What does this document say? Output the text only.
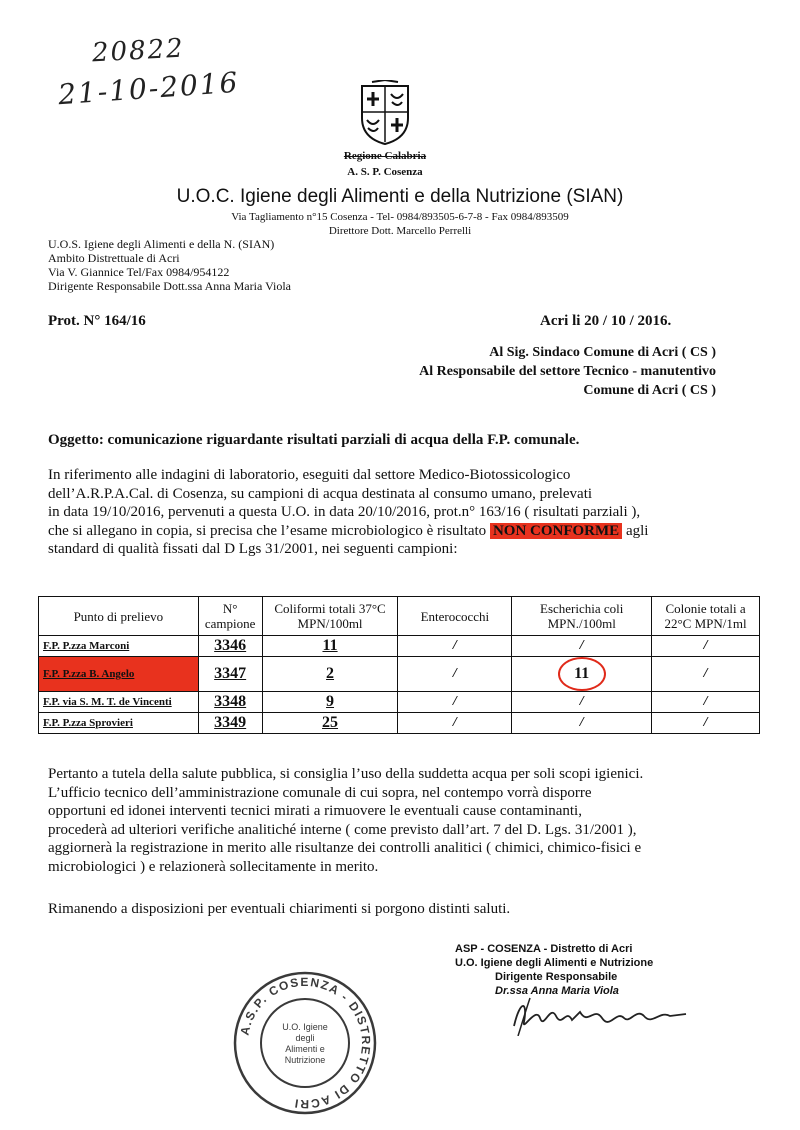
20822
21-10-2016
Regione Calabria
A. S. P. Cosenza
U.O.C. Igiene degli Alimenti e della Nutrizione (SIAN)
Via Tagliamento n°15 Cosenza - Tel- 0984/893505-6-7-8 - Fax 0984/893509
Direttore Dott. Marcello Perrelli
U.O.S. Igiene degli Alimenti e della N. (SIAN)
Ambito Distrettuale di Acri
Via V. Giannice Tel/Fax 0984/954122
Dirigente Responsabile Dott.ssa Anna Maria Viola
Prot. N° 164/16	Acri li 20 / 10 / 2016.
Al Sig. Sindaco Comune di Acri ( CS )
Al Responsabile del settore Tecnico - manutentivo
Comune di Acri ( CS )
Oggetto: comunicazione riguardante risultati parziali di acqua della F.P. comunale.
In riferimento alle indagini di laboratorio, eseguiti dal settore Medico-Biotossicologico
dell’A.R.P.A.Cal. di Cosenza, su campioni di acqua destinata al consumo umano, prelevati
in data 19/10/2016, pervenuti a questa U.O. in data 20/10/2016, prot.n° 163/16 ( risultati parziali ),
che si allegano in copia, si precisa che l’esame microbiologico è risultato NON CONFORME agli
standard di qualità fissati dal D Lgs 31/2001, nei seguenti campioni:
Punto di prelievo	N° campione	Coliformi totali 37°C MPN/100ml	Enterococchi	Escherichia coli MPN./100ml	Colonie totali a 22°C MPN/1ml
F.P. P.zza Marconi	3346	11	/	/	/
F.P. P.zza B. Angelo	3347	2	/	11	/
F.P. via S. M. T. de Vincenti	3348	9	/	/	/
F.P. P.zza Sprovieri	3349	25	/	/	/
Pertanto a tutela della salute pubblica, si consiglia l’uso della suddetta acqua per soli scopi igienici.
L’ufficio tecnico dell’amministrazione comunale di cui sopra, nel contempo vorrà disporre
opportuni ed idonei interventi tecnici mirati a rimuovere le eventuali cause contaminanti,
procederà ad ulteriori verifiche analitiché interne ( come previsto dall’art. 7 del D. Lgs. 31/2001 ),
aggiornerà la registrazione in merito alle risultanze dei controlli analitici ( chimici, chimico-fisici e
microbiologici ) e relazionerà sollecitamente in merito.
Rimanendo a disposizioni per eventuali chiarimenti si porgono distinti saluti.
ASP - COSENZA - Distretto di Acri
U.O. Igiene degli Alimenti e Nutrizione
Dirigente Responsabile
Dr.ssa Anna Maria Viola
A.S.P. COSENZA - DISTRETTO DI ACRI
U.O. Igiene
degli
Alimenti e
Nutrizione
